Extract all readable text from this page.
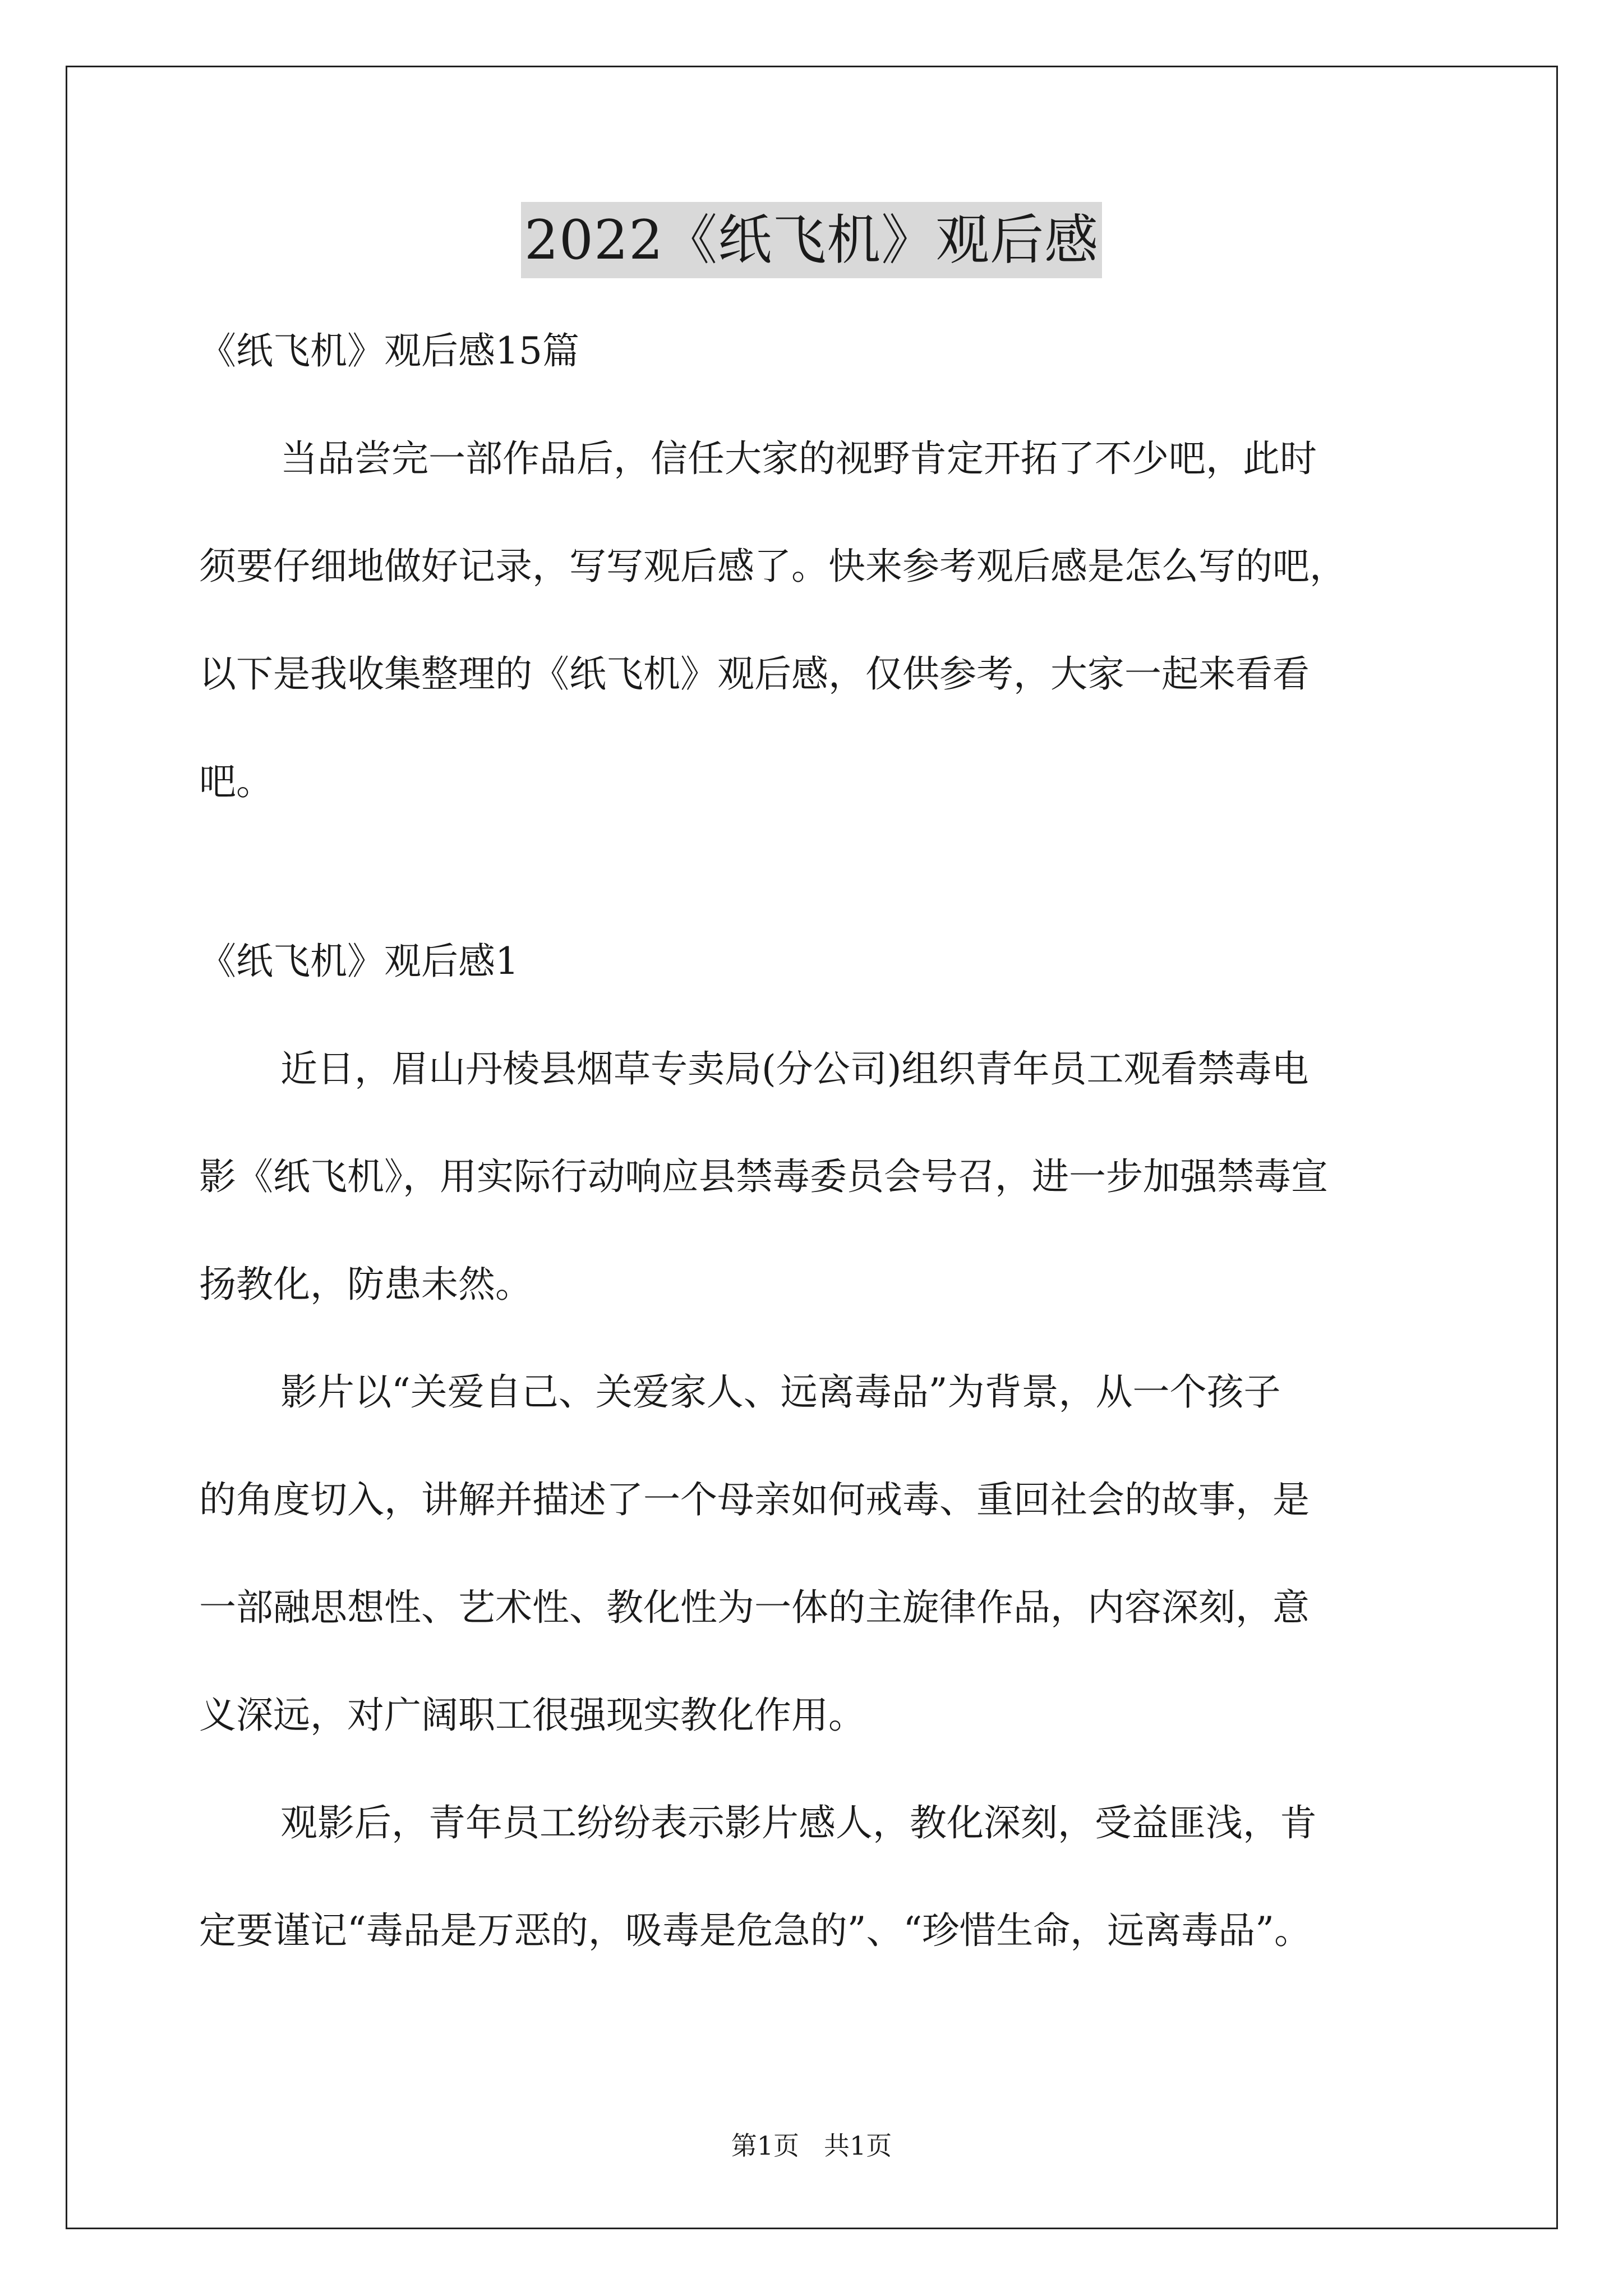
2022《纸飞机》观后感
《纸飞机》观后感15篇
当品尝完一部作品后，信任大家的视野肯定开拓了不少吧，此时
须要仔细地做好记录，写写观后感了。快来参考观后感是怎么写的吧，
以下是我收集整理的《纸飞机》观后感，仅供参考，大家一起来看看
吧。
《纸飞机》观后感1
近日，眉山丹棱县烟草专卖局(分公司)组织青年员工观看禁毒电
影《纸飞机》，用实际行动响应县禁毒委员会号召，进一步加强禁毒宣
扬教化，防患未然。
影片以“关爱自己、关爱家人、远离毒品”为背景，从一个孩子
的角度切入，讲解并描述了一个母亲如何戒毒、重回社会的故事，是
一部融思想性、艺术性、教化性为一体的主旋律作品，内容深刻，意
义深远，对广阔职工很强现实教化作用。
观影后，青年员工纷纷表示影片感人，教化深刻，受益匪浅，肯
定要谨记“毒品是万恶的，吸毒是危急的”、“珍惜生命，远离毒品”。
第1页 共1页
